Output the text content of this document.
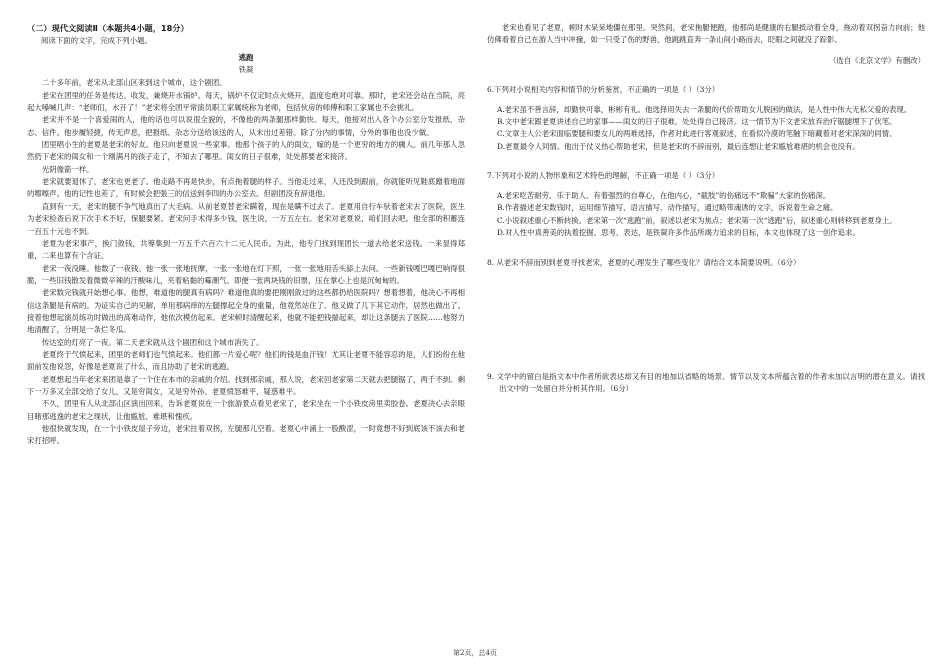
（二）现代文阅读Ⅱ（本题共4小题，18分）

阅读下面的文字，完成下列小题。

逃跑

铁凝

二十多年前，老宋从北部山区来到这个城市，这个剧团。

老宋在团里的任务是传达、收发，兼烧开水锅炉。每天，锅炉不仅定时点火烧开，温度也绝对可靠。那时，老宋还会站在当院，亮起大嗓喊几声：“老师们，水开了！”老宋将全团平常演员职工家属统称为老师，包括伙房的师傅和职工家属也不会挑礼。

老宋并不是一个喜爱闹的人，他的话也可以说很全貌的，不像他的两条腿那样勤快。每天，他接对出入各个办公室分发报纸、杂志、信件。他步履轻捷，传无声息，把报纸、杂志分送给该送的人，从未出过差错。除了分内的事情，分外的事他也没少做。

团里唱小生的老夏是老宋的好友。他只向老夏说一些家事。他那个孩子的人的闺女，嫁的是一个更穷的地方的瘸人。前几年那人忽然扔下老宋的闺女和一个刚满月的孩子走了，不知去了哪里。闺女的日子很难，处处都要老宋接济。

光阴像箭一样。

老宋就要退休了，老宋也更老了。他走路不再是快步，有点拖着腿的样子。当他走过来，人还没到跟前，你就能听见鞋底蹭着地面的嚓嚓声。他的记性也差了，有时候会把張三的信送到李四的办公室去。但剧团没有辞退他。

直到有一天，老宋的腿不争气地真出了大毛病。从前老夏替老宋瞒着，现在是瞒不过去了。老夏用自行车驮着老宋去了医院，医生为老宋检查后说下次手术不好，保腿要紧。老宋问手术得多少钱，医生说，一万五左右。老宋对老夏说，咱们回去吧。他全部的积蓄连一百五十元也不到。

老夏为老宋事产，换门敛钱，共筹集到一万五千六百六十二元人民币。为此，他专门找到现团长一道去给老宋送钱。一来显得郑重，二来也算有个含证。

老宋一夜没睡。他数了一夜钱。他一张一张地抚摩，一张一张地在灯下照，一张一张地用舌头舔上去问。一些新钱嘎巴嘎巴响得很脆，一些旧钱散发着微微辛辣的汗酸味儿，夹着粘黏的霉潮气。即便一张两块钱的旧票，压在掌心上也是沉甸甸的。

老宋数完钱就开始想心事。他想，难道他的腿真有病吗？难道他真的要把刚刚敛过的这些都扔给医院吗？想着想着，他决心不再相信这条腿是有病的。为证实自己的见解，单用那病痒的左腿撑起全身的重量，他竟然站住了。他又做了几下其它动作，居然也做出了。接着他想起演员练功时做出的高难动作，他依次模仿起来。老宋顿时清醒起来，他就不能把钱揣起来，却让这条腿去了医院……他努力地清醒了，分明是一条烂冬瓜。

传达室的灯亮了一夜。第二天老宋就从这个剧团和这个城市消失了。

老夏终于气愤起来，团里的老师们也气愤起来。他们都一片爱心呢？他们的钱是血汗钱！尤其让老夏不能容忍的是，人们纷纷在他面前发他说怨，好像是老夏说了什么，而且协助了老宋的逃跑。

老夏想起当年老宋来团是靠了一个住在本市的亲戚的介绍。找到那亲戚，那人说，老宋回老家第二天就去把腿锯了，两千不到。剩下一万多又全部交给了女儿，又是穷闺女，又是穷外孙。老夏愤怒难平，疑惑难平。

不久，团里有人从北部山区演出回来，告诉老夏说在一个旅游景点看见老宋了，老宋坐在一个小铁皮房里卖胶卷。老夏决心去亲眼目睹那逃逸的老宋之现状，让他尴尬、难堪和愧疚。

他很快就发现，在一个小铁皮屋子旁边，老宋拄着双拐，左腿那儿空着。老夏心中涌上一股酸涩，一时竟想不好到底该不该去和老宋打招呼。

老宋也看见了老夏，顿时木呆呆地僵在那里。突然间，老宋拖腿便跑，他那尚是健康的右腿抵动着全身，拖动着双拐奋力向前；他仿佛看着自己在游人当中冲撞，如一只受了伤的野兽，他跳跳直奔一条山间小路而去，眨眼之间就没了踪影。

（选自《北京文学》有删改）

6.下列对小说相关内容和情节的分析鉴赏，不正确的一项是（ ）（3分）

A.老宋虽不善言辞，却勤快可靠，彬彬有礼。他选择用失去一条腿的代价帮助女儿脱困的做法，是人性中伟大无私父爱的表现。

B.文中老宋跟老夏讲述自己的家事——闺女的日子很难，处处得自己接济。这一情节为下文老宋放弃治疗锯腿埋下了伏笔。

C.文章主人公老宋面临要腿和要女儿的两难选择，作者对此进行客观叙述，在看似冷漠的笔触下暗藏着对老宋深深的同情。

D.老夏最令人同情。他出于仗义热心帮助老宋，但是老宋的不辞而别，最后连想让老宋尴尬难堪的机会也没有。

7.下列对小说的人物形象和艺术特色的理解，不正确一项是（ ）（3分）

A.老宋吃苦耐劳、乐于助人、有着强烈的自尊心，在他内心，“截肢”的伤痛远不“欺骗”大家的伤痛深。

B.作者描述老宋数钱时，运用细节描写、语言描写、动作描写，通过略带魂诱的文字，诉说着生命之痛。

C.小说叙述重心不断转换。老宋第一次“逃跑”前，叙述以老宋为焦点；老宋第一次“逃跑”后，叙述重心则转移到老夏身上。

D.对人性中真善美的执着挖掘、思考、表达，是铁凝许多作品所竭力追求的目标，本文也体现了这一创作追求。

8. 从老宋不辞而别到老夏寻找老宋，老夏的心理发生了哪些变化？请结合文本简要说明。（6分）

9. 文学中的留白是指文本中作者所欲表达却又有目的地加以省略的场景、情节以及文本所蕴含着的作者未加以言明的潜在意义。请找出文中的一处留白并分析其作用。（6分）

第2页，总4页
